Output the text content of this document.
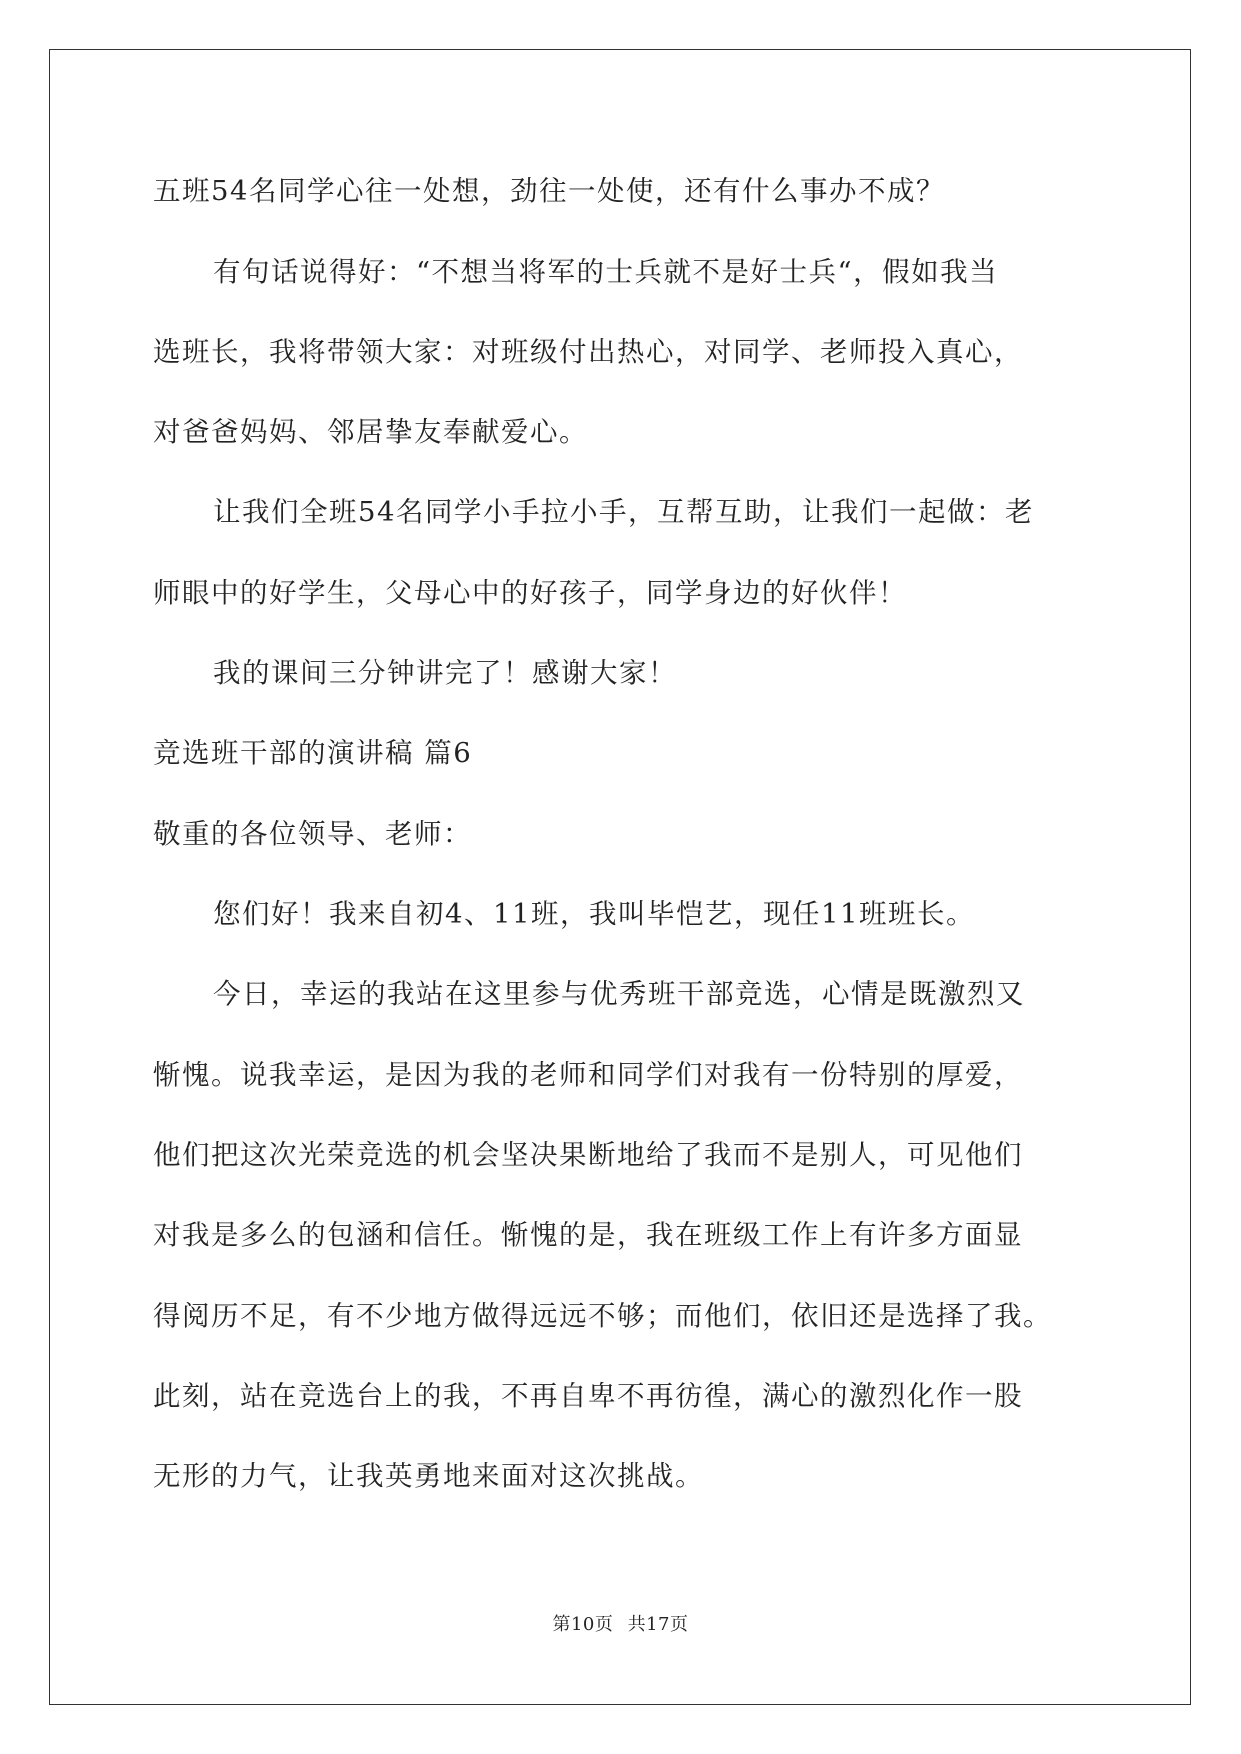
五班54名同学心往一处想，劲往一处使，还有什么事办不成？
有句话说得好：“不想当将军的士兵就不是好士兵“，假如我当
选班长，我将带领大家：对班级付出热心，对同学、老师投入真心，
对爸爸妈妈、邻居挚友奉献爱心。
让我们全班54名同学小手拉小手，互帮互助，让我们一起做：老
师眼中的好学生，父母心中的好孩子，同学身边的好伙伴！
我的课间三分钟讲完了！感谢大家！
竞选班干部的演讲稿 篇6
敬重的各位领导、老师：
您们好！我来自初4、11班，我叫毕恺艺，现任11班班长。
今日，幸运的我站在这里参与优秀班干部竞选，心情是既激烈又
惭愧。说我幸运，是因为我的老师和同学们对我有一份特别的厚爱，
他们把这次光荣竞选的机会坚决果断地给了我而不是别人，可见他们
对我是多么的包涵和信任。惭愧的是，我在班级工作上有许多方面显
得阅历不足，有不少地方做得远远不够；而他们，依旧还是选择了我。
此刻，站在竞选台上的我，不再自卑不再彷徨，满心的激烈化作一股
无形的力气，让我英勇地来面对这次挑战。
第10页 共17页
